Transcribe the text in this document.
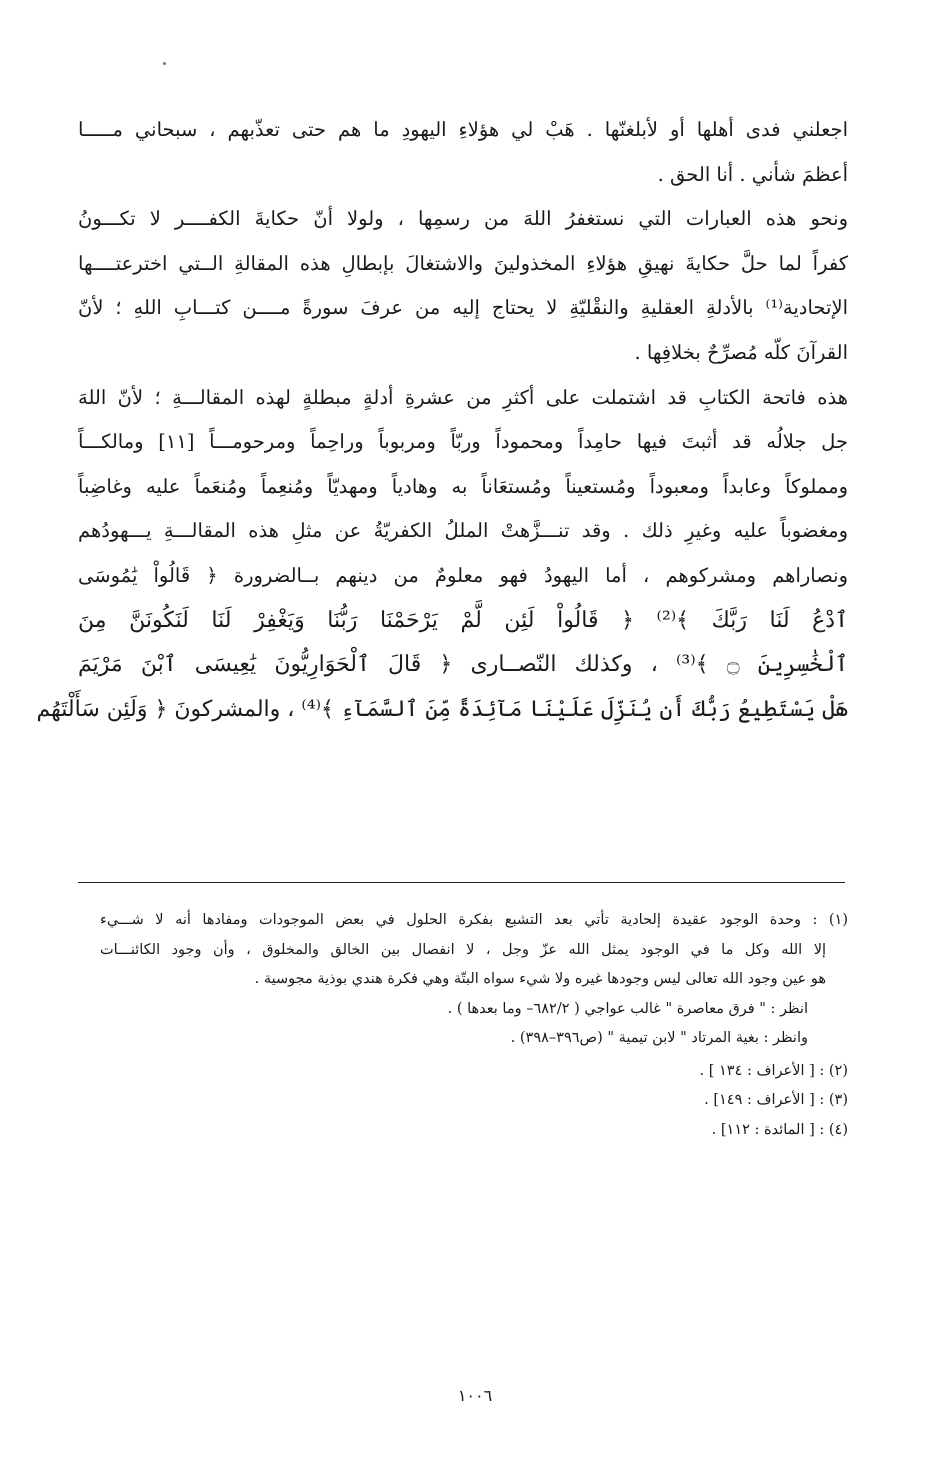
اجعلني فدى أهلها أو لأبلغنّها . هَبْ لي هؤلاءِ اليهودِ ما هم حتى تعذّبهم ، سبحاني مـــــا
أعظمَ شأني . أنا الحق .
ونحو هذه العبارات التي نستغفرُ اللهَ من رسمِها ، ولولا أنّ حكايةَ الكفــــر لا تكـــونُ
كفراً لما حلَّ حكايةَ نهيقِ هؤلاءِ المخذولينَ والاشتغالَ بإبطالِ هذه المقالةِ الــتي اخترعتــــها
الإتحادية⁽¹⁾ بالأدلةِ العقليةِ والنقْليّةِ لا يحتاج إليه من عرفَ سورةً مــــن كتـــابِ اللهِ ؛ لأنّ
القرآنَ كلّه مُصرِّحٌ بخلافِها .
هذه فاتحة الكتابِ قد اشتملت على أكثرِ من عشرةِ أدلةٍ مبطلةٍ لهذه المقالـــةِ ؛ لأنّ اللهَ
جل جلالُه قد أثبتَ فيها حامِداً ومحموداً وربّاً ومربوباً وراحِماً ومرحومـــاً [١١] ومالكـــاً
ومملوكاً وعابداً ومعبوداً ومُستعيناً ومُستعَاناً به وهادياً ومهديّاً ومُنعِماً ومُنعَماً عليه وغاضِباً
ومغضوباً عليه وغيرِ ذلك . وقد تنـــزَّهتْ المللُ الكفريّةُ عن مثلِ هذه المقالـــةِ يـــهودُهم
ونصاراهم ومشركوهم ، أما اليهودُ فهو معلومٌ من دينهم بــالضرورة ﴿ قَالُواْ يَٰمُوسَى
ٱدْعُ لَنَا رَبَّكَ ﴾⁽²⁾ ﴿ قَالُواْ لَئِن لَّمْ يَرْحَمْنَا رَبُّنَا وَيَغْفِرْ لَنَا لَنَكُونَنَّ مِنَ
ٱلْخَٰسِرِينَ ۝ ﴾⁽³⁾ ، وكذلك النّصــارى ﴿ قَالَ ٱلْحَوَارِيُّونَ يَٰعِيسَى ٱبْنَ مَرْيَمَ
هَلْ يَسْتَطِيعُ رَبُّكَ أَن يُنَزِّلَ عَلَيْنَا مَآئِدَةً مِّنَ ٱلسَّمَآءِ ﴾⁽⁴⁾ ، والمشركونَ ﴿ وَلَئِن سَأَلْتَهُم
(١) : وحدة الوجود عقيدة إلحادية تأتي بعد التشبع بفكرة الحلول في بعض الموجودات ومفادها أنه لا شـــيء
إلا الله وكل ما في الوجود يمثل الله عزّ وجل ، لا انفصال بين الخالق والمخلوق ، وأن وجود الكائنـــات
هو عين وجود الله تعالى ليس وجودها غيره ولا شيء سواه البتّة وهي فكرة هندي بوذية مجوسية .
انظر : " فرق معاصرة " غالب عواجي ( ٦٨٢/٢– وما بعدها ) .
وانظر : بغية المرتاد " لابن تيمية " (ص٣٩٦–٣٩٨) .
(٢) : [ الأعراف : ١٣٤ ] .
(٣) : [ الأعراف : ١٤٩] .
(٤) : [ المائدة : ١١٢] .
١٠٠٦
